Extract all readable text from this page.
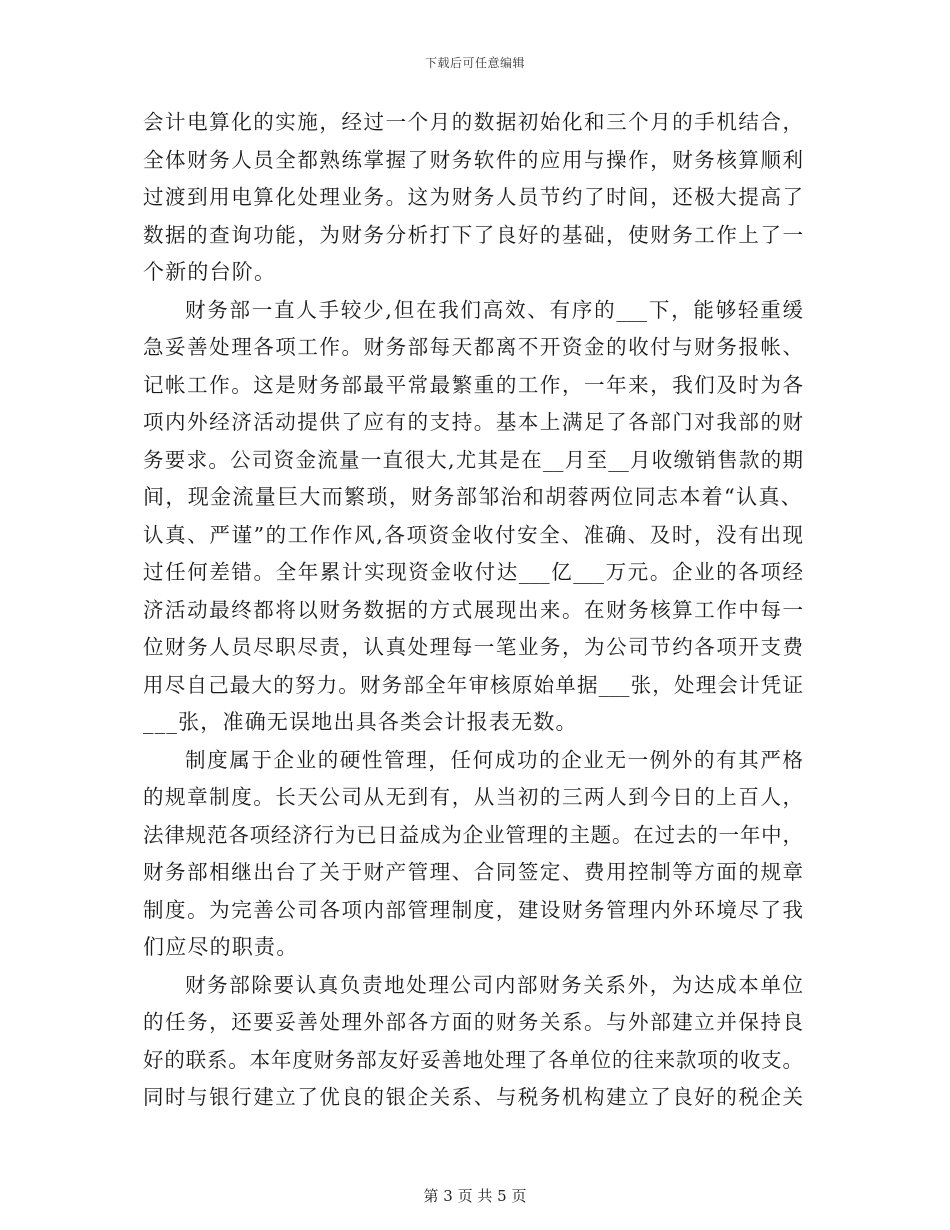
下载后可任意编辑
会计电算化的实施，经过一个月的数据初始化和三个月的手机结合，
全体财务人员全都熟练掌握了财务软件的应用与操作，财务核算顺利
过渡到用电算化处理业务。这为财务人员节约了时间，还极大提高了
数据的查询功能，为财务分析打下了良好的基础，使财务工作上了一
个新的台阶。
财务部一直人手较少,但在我们高效、有序的___下，能够轻重缓
急妥善处理各项工作。财务部每天都离不开资金的收付与财务报帐、
记帐工作。这是财务部最平常最繁重的工作，一年来，我们及时为各
项内外经济活动提供了应有的支持。基本上满足了各部门对我部的财
务要求。公司资金流量一直很大,尤其是在__月至__月收缴销售款的期
间，现金流量巨大而繁琐，财务部邹治和胡蓉两位同志本着“认真、
认真、严谨”的工作作风,各项资金收付安全、准确、及时，没有出现
过任何差错。全年累计实现资金收付达___亿___万元。企业的各项经
济活动最终都将以财务数据的方式展现出来。在财务核算工作中每一
位财务人员尽职尽责，认真处理每一笔业务，为公司节约各项开支费
用尽自己最大的努力。财务部全年审核原始单据___张，处理会计凭证
___张，准确无误地出具各类会计报表无数。
制度属于企业的硬性管理，任何成功的企业无一例外的有其严格
的规章制度。长天公司从无到有，从当初的三两人到今日的上百人，
法律规范各项经济行为已日益成为企业管理的主题。在过去的一年中，
财务部相继出台了关于财产管理、合同签定、费用控制等方面的规章
制度。为完善公司各项内部管理制度，建设财务管理内外环境尽了我
们应尽的职责。
财务部除要认真负责地处理公司内部财务关系外，为达成本单位
的任务，还要妥善处理外部各方面的财务关系。与外部建立并保持良
好的联系。本年度财务部友好妥善地处理了各单位的往来款项的收支。
同时与银行建立了优良的银企关系、与税务机构建立了良好的税企关
第 3 页 共 5 页
